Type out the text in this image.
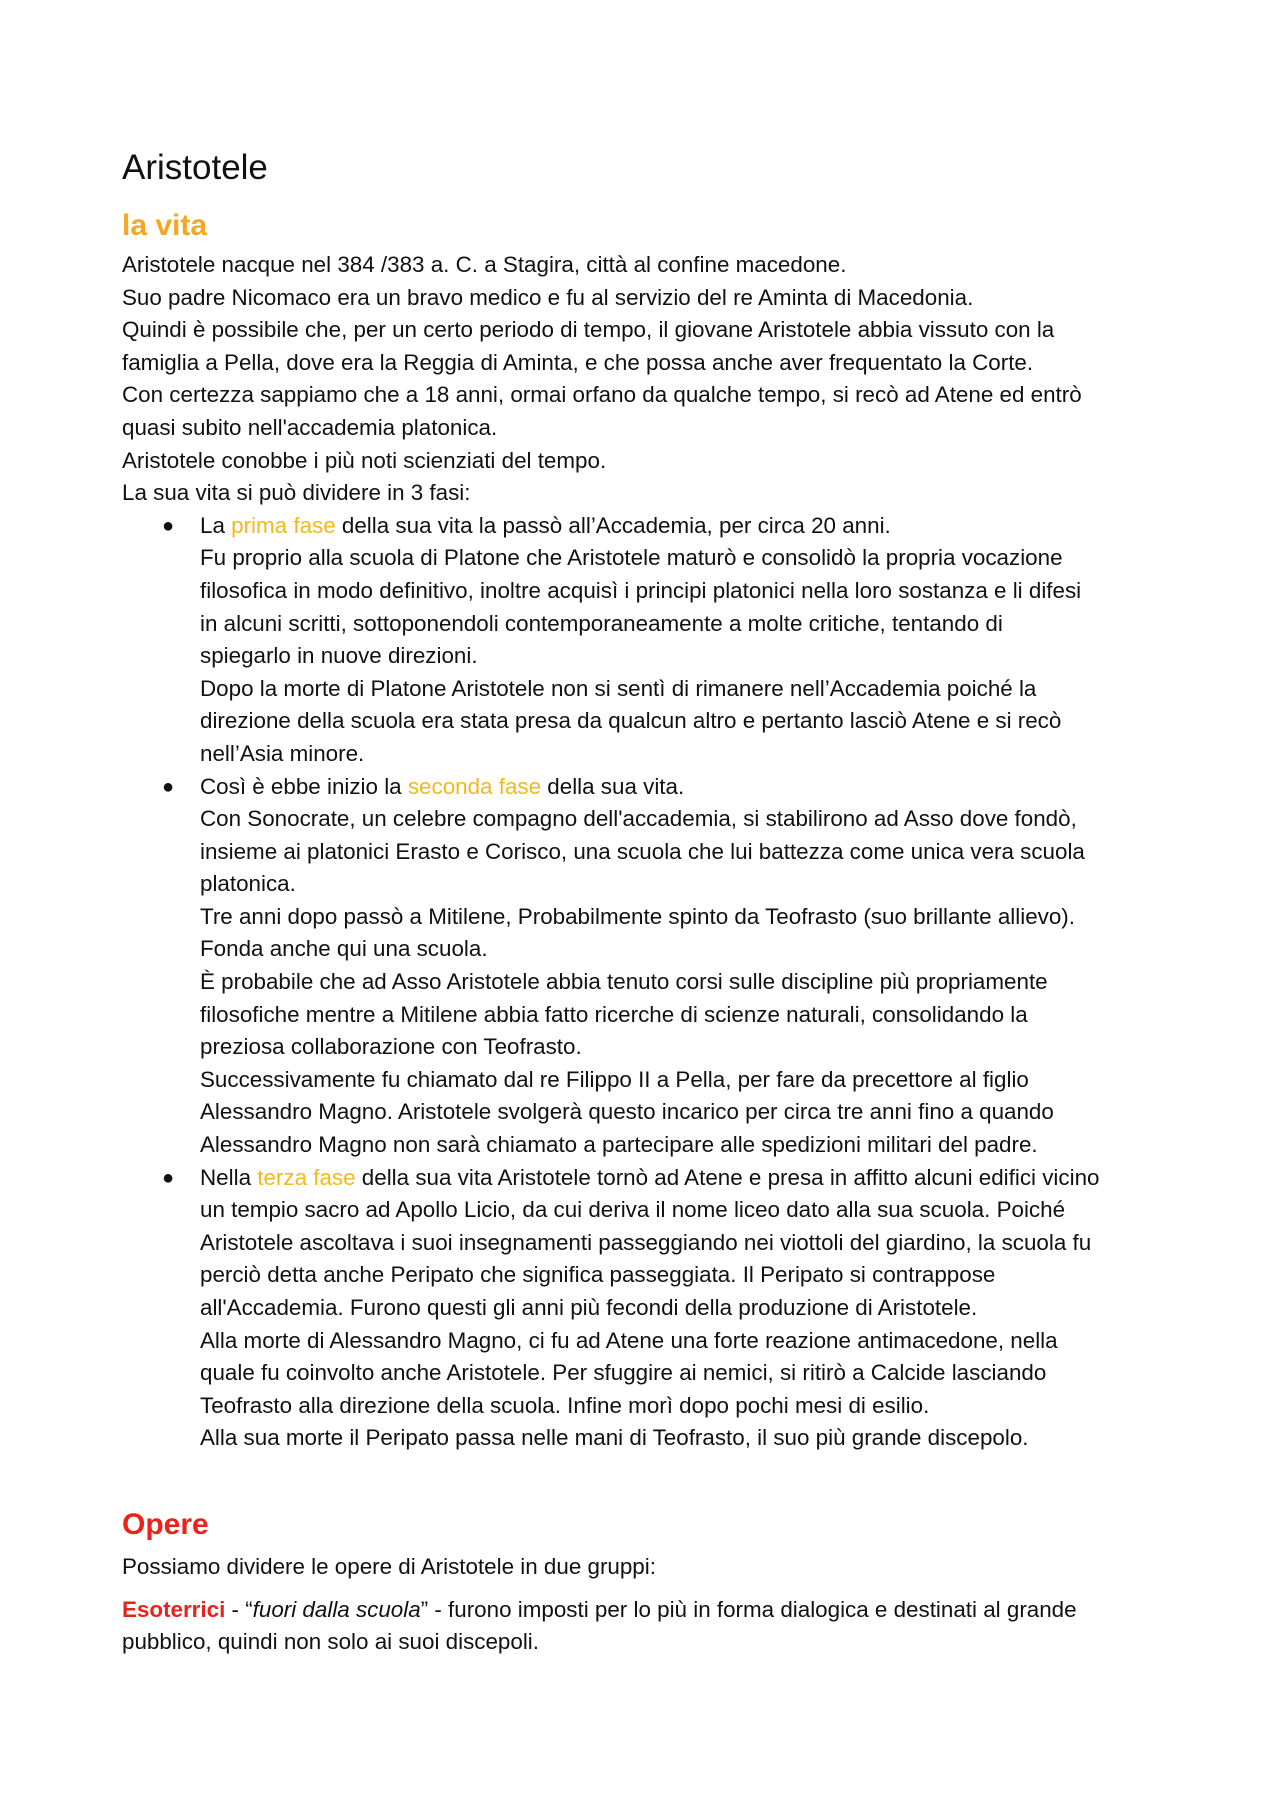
Aristotele
la vita
Aristotele nacque nel 384 /383 a. C. a Stagira, città al confine macedone.
Suo padre Nicomaco era un bravo medico e fu al servizio del re Aminta di Macedonia.
Quindi è possibile che, per un certo periodo di tempo, il giovane Aristotele abbia vissuto con la
famiglia a Pella, dove era la Reggia di Aminta, e che possa anche aver frequentato la Corte.
Con certezza sappiamo che a 18 anni, ormai orfano da qualche tempo, si recò ad Atene ed entrò
quasi subito nell'accademia platonica.
Aristotele conobbe i più noti scienziati del tempo.
La sua vita si può dividere in 3 fasi:
● La prima fase della sua vita la passò all’Accademia, per circa 20 anni.
Fu proprio alla scuola di Platone che Aristotele maturò e consolidò la propria vocazione
filosofica in modo definitivo, inoltre acquisì i principi platonici nella loro sostanza e li difesi
in alcuni scritti, sottoponendoli contemporaneamente a molte critiche, tentando di
spiegarlo in nuove direzioni.
Dopo la morte di Platone Aristotele non si sentì di rimanere nell’Accademia poiché la
direzione della scuola era stata presa da qualcun altro e pertanto lasciò Atene e si recò
nell’Asia minore.
● Così è ebbe inizio la seconda fase della sua vita.
Con Sonocrate, un celebre compagno dell'accademia, si stabilirono ad Asso dove fondò,
insieme ai platonici Erasto e Corisco, una scuola che lui battezza come unica vera scuola
platonica.
Tre anni dopo passò a Mitilene, Probabilmente spinto da Teofrasto (suo brillante allievo).
Fonda anche qui una scuola.
È probabile che ad Asso Aristotele abbia tenuto corsi sulle discipline più propriamente
filosofiche mentre a Mitilene abbia fatto ricerche di scienze naturali, consolidando la
preziosa collaborazione con Teofrasto.
Successivamente fu chiamato dal re Filippo II a Pella, per fare da precettore al figlio
Alessandro Magno. Aristotele svolgerà questo incarico per circa tre anni fino a quando
Alessandro Magno non sarà chiamato a partecipare alle spedizioni militari del padre.
● Nella terza fase della sua vita Aristotele tornò ad Atene e presa in affitto alcuni edifici vicino
un tempio sacro ad Apollo Licio, da cui deriva il nome liceo dato alla sua scuola. Poiché
Aristotele ascoltava i suoi insegnamenti passeggiando nei viottoli del giardino, la scuola fu
perciò detta anche Peripato che significa passeggiata. Il Peripato si contrappose
all'Accademia. Furono questi gli anni più fecondi della produzione di Aristotele.
Alla morte di Alessandro Magno, ci fu ad Atene una forte reazione antimacedone, nella
quale fu coinvolto anche Aristotele. Per sfuggire ai nemici, si ritirò a Calcide lasciando
Teofrasto alla direzione della scuola. Infine morì dopo pochi mesi di esilio.
Alla sua morte il Peripato passa nelle mani di Teofrasto, il suo più grande discepolo.
Opere
Possiamo dividere le opere di Aristotele in due gruppi:
Esoterrici - “fuori dalla scuola” - furono imposti per lo più in forma dialogica e destinati al grande
pubblico, quindi non solo ai suoi discepoli.
